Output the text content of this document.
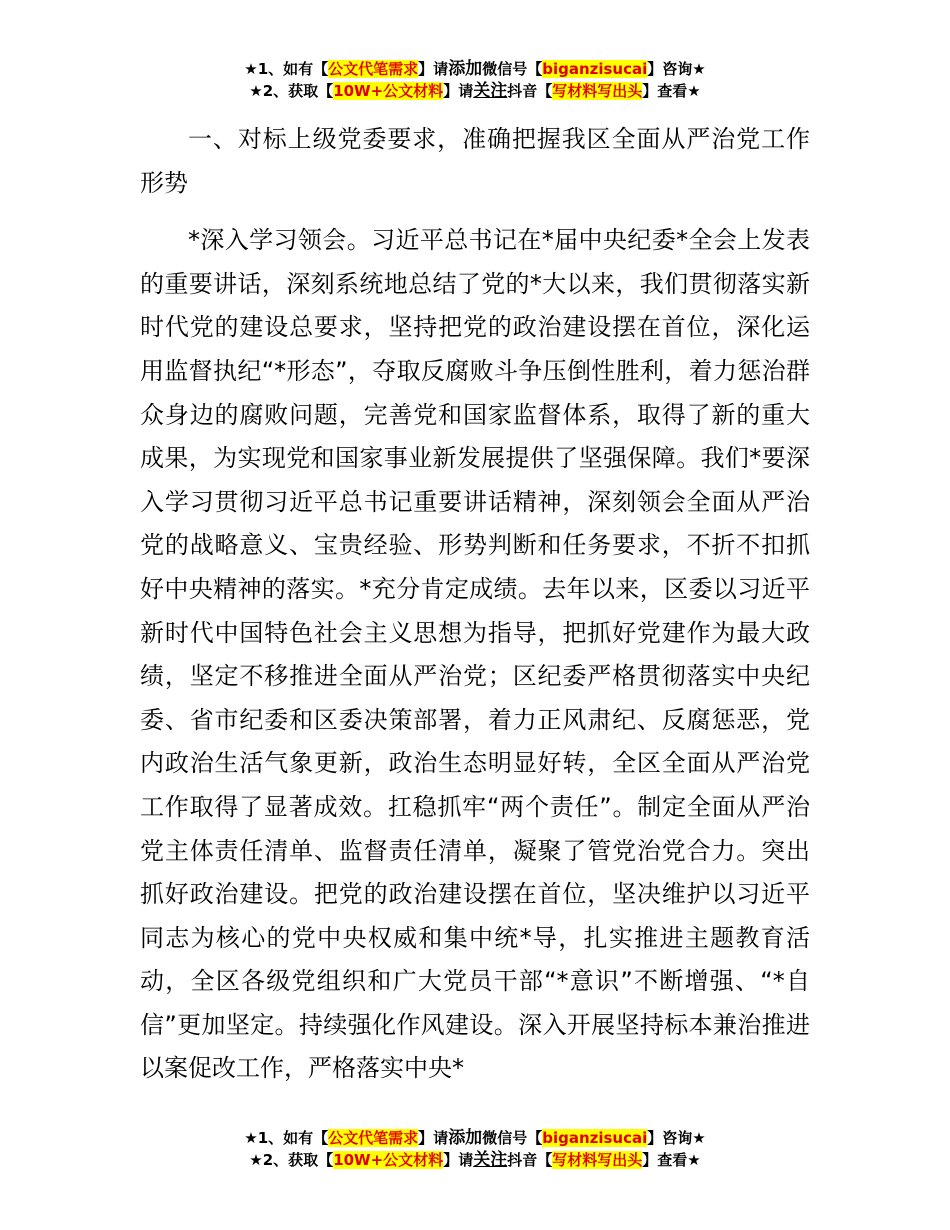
★1、如有【公文代笔需求】请添加微信号【biganzisucai】咨询★
★2、获取【10W+公文材料】请关注抖音【写材料写出头】查看★

一、对标上级党委要求，准确把握我区全面从严治党工作形势

*深入学习领会。习近平总书记在*届中央纪委*全会上发表的重要讲话，深刻系统地总结了党的*大以来，我们贯彻落实新时代党的建设总要求，坚持把党的政治建设摆在首位，深化运用监督执纪“*形态”，夺取反腐败斗争压倒性胜利，着力惩治群众身边的腐败问题，完善党和国家监督体系，取得了新的重大成果，为实现党和国家事业新发展提供了坚强保障。我们*要深入学习贯彻习近平总书记重要讲话精神，深刻领会全面从严治党的战略意义、宝贵经验、形势判断和任务要求，不折不扣抓好中央精神的落实。*充分肯定成绩。去年以来，区委以习近平新时代中国特色社会主义思想为指导，把抓好党建作为最大政绩，坚定不移推进全面从严治党；区纪委严格贯彻落实中央纪委、省市纪委和区委决策部署，着力正风肃纪、反腐惩恶，党内政治生活气象更新，政治生态明显好转，全区全面从严治党工作取得了显著成效。扛稳抓牢“两个责任”。制定全面从严治党主体责任清单、监督责任清单，凝聚了管党治党合力。突出抓好政治建设。把党的政治建设摆在首位，坚决维护以习近平同志为核心的党中央权威和集中统*导，扎实推进主题教育活动，全区各级党组织和广大党员干部“*意识”不断增强、“*自信”更加坚定。持续强化作风建设。深入开展坚持标本兼治推进以案促改工作，严格落实中央*

★1、如有【公文代笔需求】请添加微信号【biganzisucai】咨询★
★2、获取【10W+公文材料】请关注抖音【写材料写出头】查看★
